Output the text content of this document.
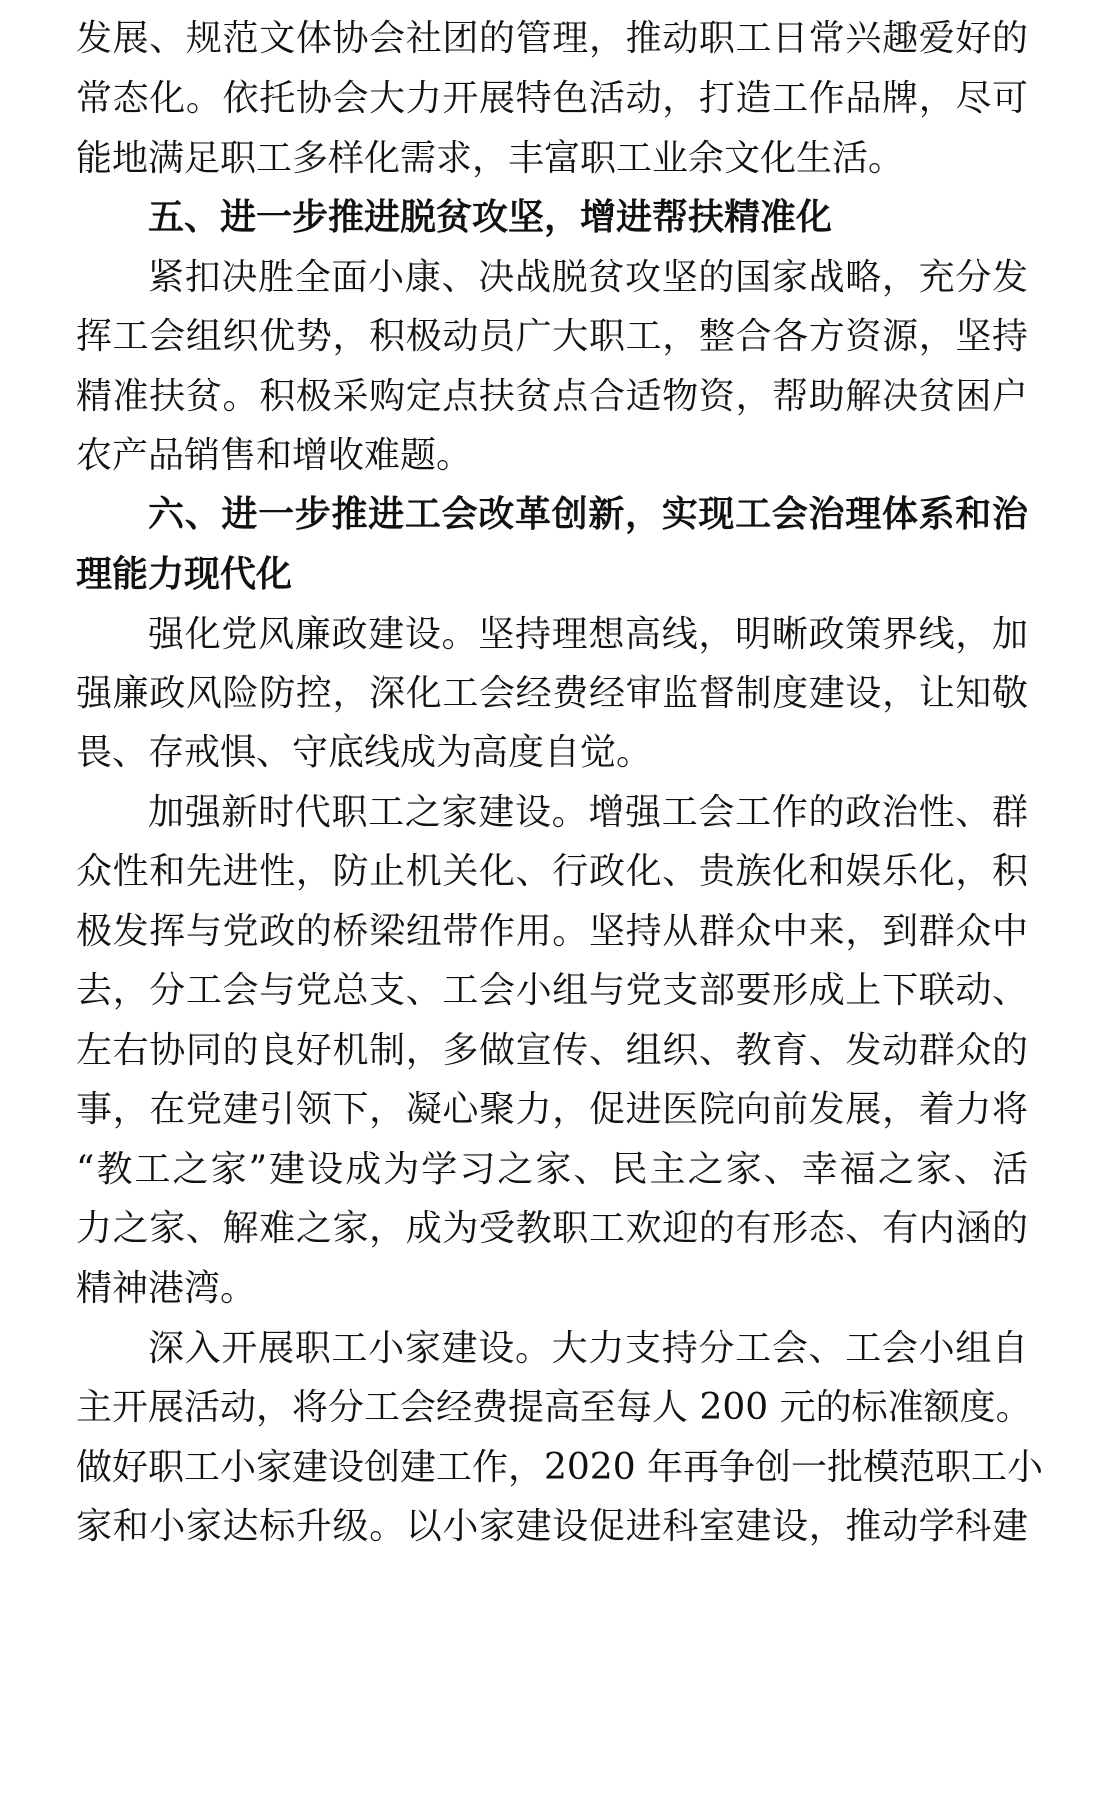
发展、规范文体协会社团的管理，推动职工日常兴趣爱好的
常态化。依托协会大力开展特色活动，打造工作品牌，尽可
能地满足职工多样化需求，丰富职工业余文化生活。
五、进一步推进脱贫攻坚，增进帮扶精准化
紧扣决胜全面小康、决战脱贫攻坚的国家战略，充分发
挥工会组织优势，积极动员广大职工，整合各方资源，坚持
精准扶贫。积极采购定点扶贫点合适物资，帮助解决贫困户
农产品销售和增收难题。
六、进一步推进工会改革创新，实现工会治理体系和治
理能力现代化
强化党风廉政建设。坚持理想高线，明晰政策界线，加
强廉政风险防控，深化工会经费经审监督制度建设，让知敬
畏、存戒惧、守底线成为高度自觉。
加强新时代职工之家建设。增强工会工作的政治性、群
众性和先进性，防止机关化、行政化、贵族化和娱乐化，积
极发挥与党政的桥梁纽带作用。坚持从群众中来，到群众中
去，分工会与党总支、工会小组与党支部要形成上下联动、
左右协同的良好机制，多做宣传、组织、教育、发动群众的
事，在党建引领下，凝心聚力，促进医院向前发展，着力将
“教工之家”建设成为学习之家、民主之家、幸福之家、活
力之家、解难之家，成为受教职工欢迎的有形态、有内涵的
精神港湾。
深入开展职工小家建设。大力支持分工会、工会小组自
主开展活动，将分工会经费提高至每人 200 元的标准额度。
做好职工小家建设创建工作，2020 年再争创一批模范职工小
家和小家达标升级。以小家建设促进科室建设，推动学科建
